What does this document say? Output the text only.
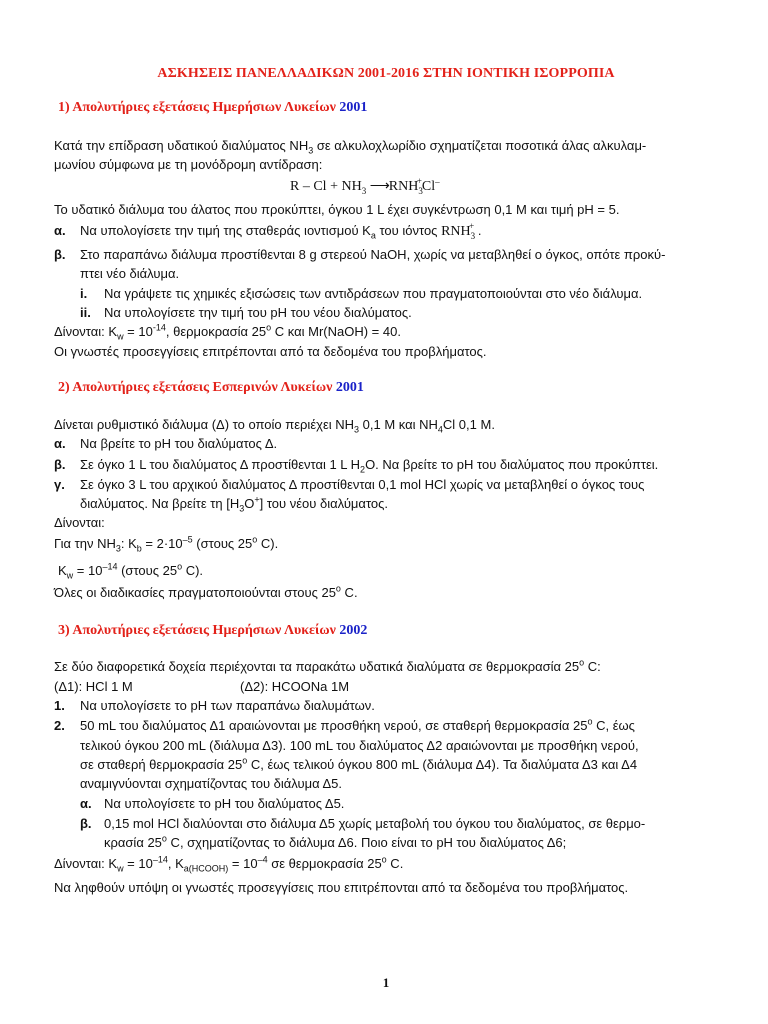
ΑΣΚΗΣΕΙΣ ΠΑΝΕΛΛΑΔΙΚΩΝ 2001-2016 ΣΤΗΝ ΙΟΝΤΙΚΗ ΙΣΟΡΡΟΠΙΑ
1) Απολυτήριες εξετάσεις Ημερήσιων Λυκείων 2001
Κατά την επίδραση υδατικού διαλύματος $NH_3$ σε αλκυλοχλωρίδιο σχηματίζεται ποσοτικά άλας αλκυλαμ-
μωνίου σύμφωνα με τη μονόδρομη αντίδραση:
$R - Cl + NH_3$ $⟶RNH_3^+Cl^-$
Το υδατικό διάλυμα του άλατος που προκύπτει, όγκου 1 L έχει συγκέντρωση 0,1 M και τιμή pH = 5.
α. Να υπολογίσετε την τιμή της σταθεράς ιοντισμού $K_a$ του ιόντος $RNH_3^+$ .
β. Στο παραπάνω διάλυμα προστίθενται 8 g στερεού NaOH, χωρίς να μεταβληθεί ο όγκος, οπότε προκύ-
πτει νέο διάλυμα.
i. Να γράψετε τις χημικές εξισώσεις των αντιδράσεων που πραγματοποιούνται στο νέο διάλυμα.
ii. Να υπολογίσετε την τιμή του pH του νέου διαλύματος.
Δίνονται: $K_w = 10^{-14}$, θερμοκρασία 25$^o$ C και Mr(NaOH) = 40.
Οι γνωστές προσεγγίσεις επιτρέπονται από τα δεδομένα του προβλήματος.
2) Απολυτήριες εξετάσεις Εσπερινών Λυκείων 2001
Δίνεται ρυθμιστικό διάλυμα (Δ) το οποίο περιέχει $NH_3$ 0,1 M και $NH_4Cl$ 0,1 M.
α. Να βρείτε το pH του διαλύματος Δ.
β. Σε όγκο 1 L του διαλύματος Δ προστίθενται 1 L $H_2O$. Να βρείτε το pH του διαλύματος που προκύπτει.
γ. Σε όγκο 3 L του αρχικού διαλύματος Δ προστίθενται 0,1 mol HCl χωρίς να μεταβληθεί ο όγκος τους
διαλύματος. Να βρείτε τη $[H_3O^+]$ του νέου διαλύματος.
Δίνονται:
Για την $NH_3$: $K_b = 2\cdot 10^{-5}$ (στους 25$^o$ C).
$K_w = 10^{-14}$ (στους 25$^o$ C).
Όλες οι διαδικασίες πραγματοποιούνται στους 25$^o$ C.
3) Απολυτήριες εξετάσεις Ημερήσιων Λυκείων 2002
Σε δύο διαφορετικά δοχεία περιέχονται τα παρακάτω υδατικά διαλύματα σε θερμοκρασία 25$^o$ C:
(Δ1): HCl 1 M	(Δ2): HCOONa 1M
1. Να υπολογίσετε το pH των παραπάνω διαλυμάτων.
2. 50 mL του διαλύματος Δ1 αραιώνονται με προσθήκη νερού, σε σταθερή θερμοκρασία 25$^o$ C, έως
τελικού όγκου 200 mL (διάλυμα Δ3). 100 mL του διαλύματος Δ2 αραιώνονται με προσθήκη νερού,
σε σταθερή θερμοκρασία 25$^o$ C, έως τελικού όγκου 800 mL (διάλυμα Δ4). Τα διαλύματα Δ3 και Δ4
αναμιγνύονται σχηματίζοντας του διάλυμα Δ5.
α. Να υπολογίσετε το pH του διαλύματος Δ5.
β. 0,15 mol HCl διαλύονται στο διάλυμα Δ5 χωρίς μεταβολή του όγκου του διαλύματος, σε θερμο-
κρασία 25$^o$ C, σχηματίζοντας το διάλυμα Δ6. Ποιο είναι το pH του διαλύματος Δ6;
Δίνονται: $K_w = 10^{-14}$, $K_{a(HCOOH)} = 10^{-4}$ σε θερμοκρασία 25$^o$ C.
Να ληφθούν υπόψη οι γνωστές προσεγγίσεις που επιτρέπονται από τα δεδομένα του προβλήματος.
1
